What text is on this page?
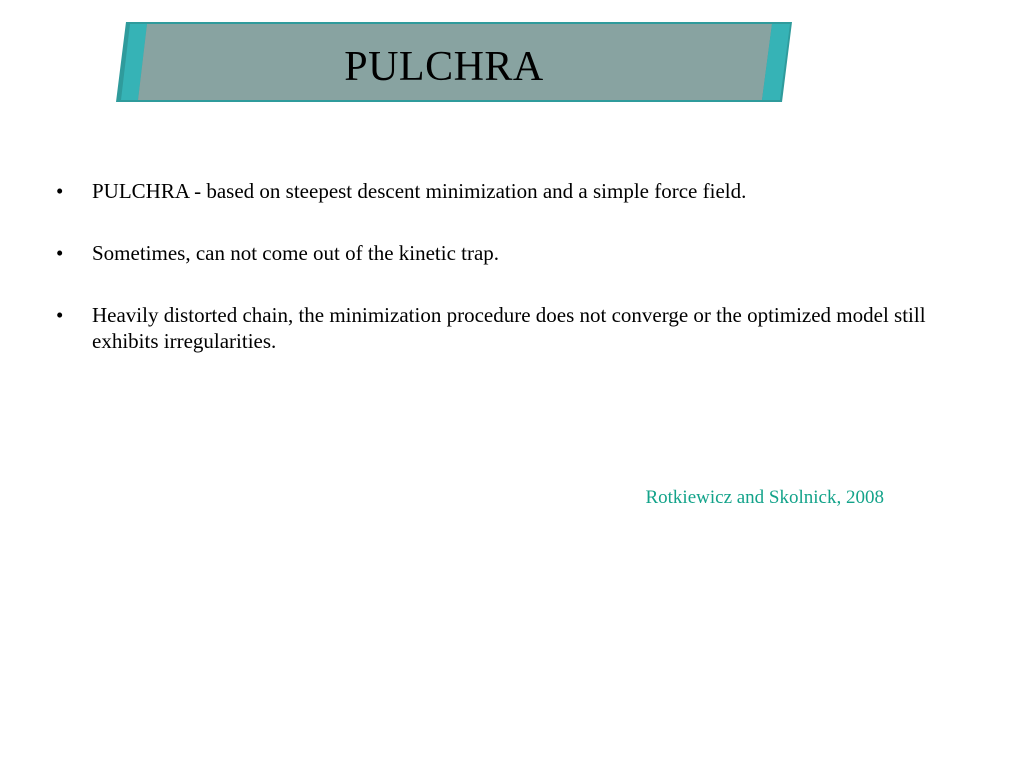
PULCHRA
•	PULCHRA - based on steepest descent minimization and a simple force field.
•	Sometimes, can not come out of the kinetic trap.
•	Heavily distorted chain, the minimization procedure does not converge or the optimized model still exhibits irregularities.

Rotkiewicz and Skolnick, 2008
